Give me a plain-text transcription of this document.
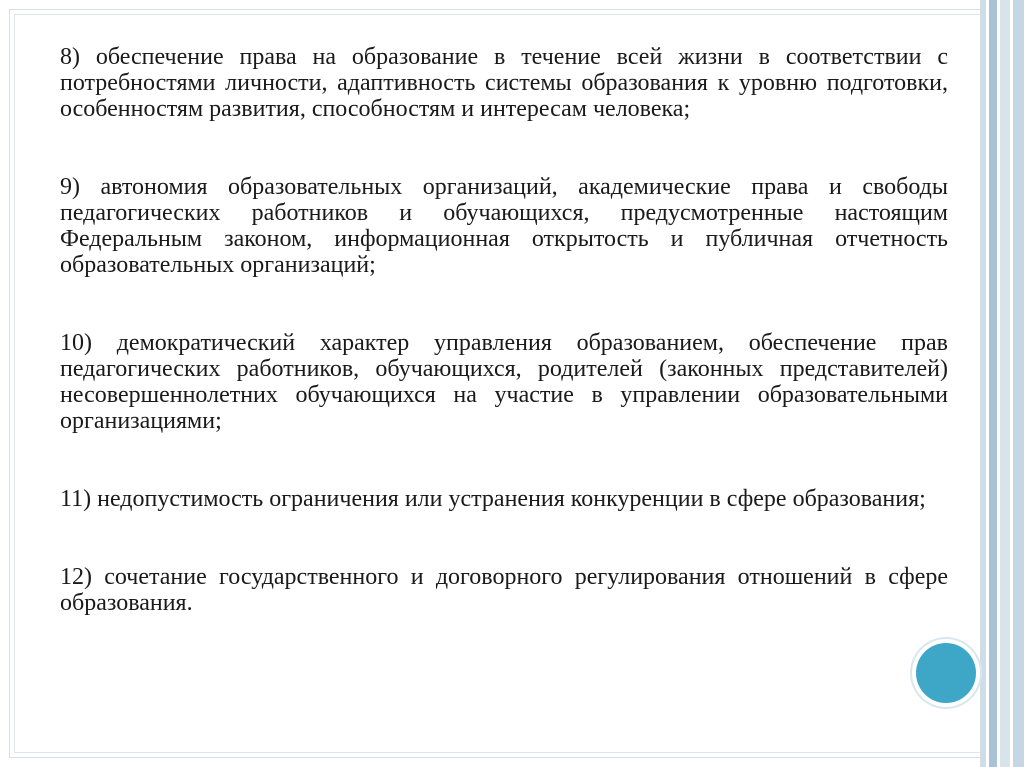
8) обеспечение права на образование в течение всей жизни в соответствии с потребностями личности, адаптивность системы образования к уровню подготовки, особенностям развития, способностям и интересам человека;

9) автономия образовательных организаций, академические права и свободы педагогических работников и обучающихся, предусмотренные настоящим Федеральным законом, информационная открытость и публичная отчетность образовательных организаций;

10) демократический характер управления образованием, обеспечение прав педагогических работников, обучающихся, родителей (законных представителей) несовершеннолетних обучающихся на участие в управлении образовательными организациями;

11) недопустимость ограничения или устранения конкуренции в сфере образования;

12) сочетание государственного и договорного регулирования отношений в сфере образования.
